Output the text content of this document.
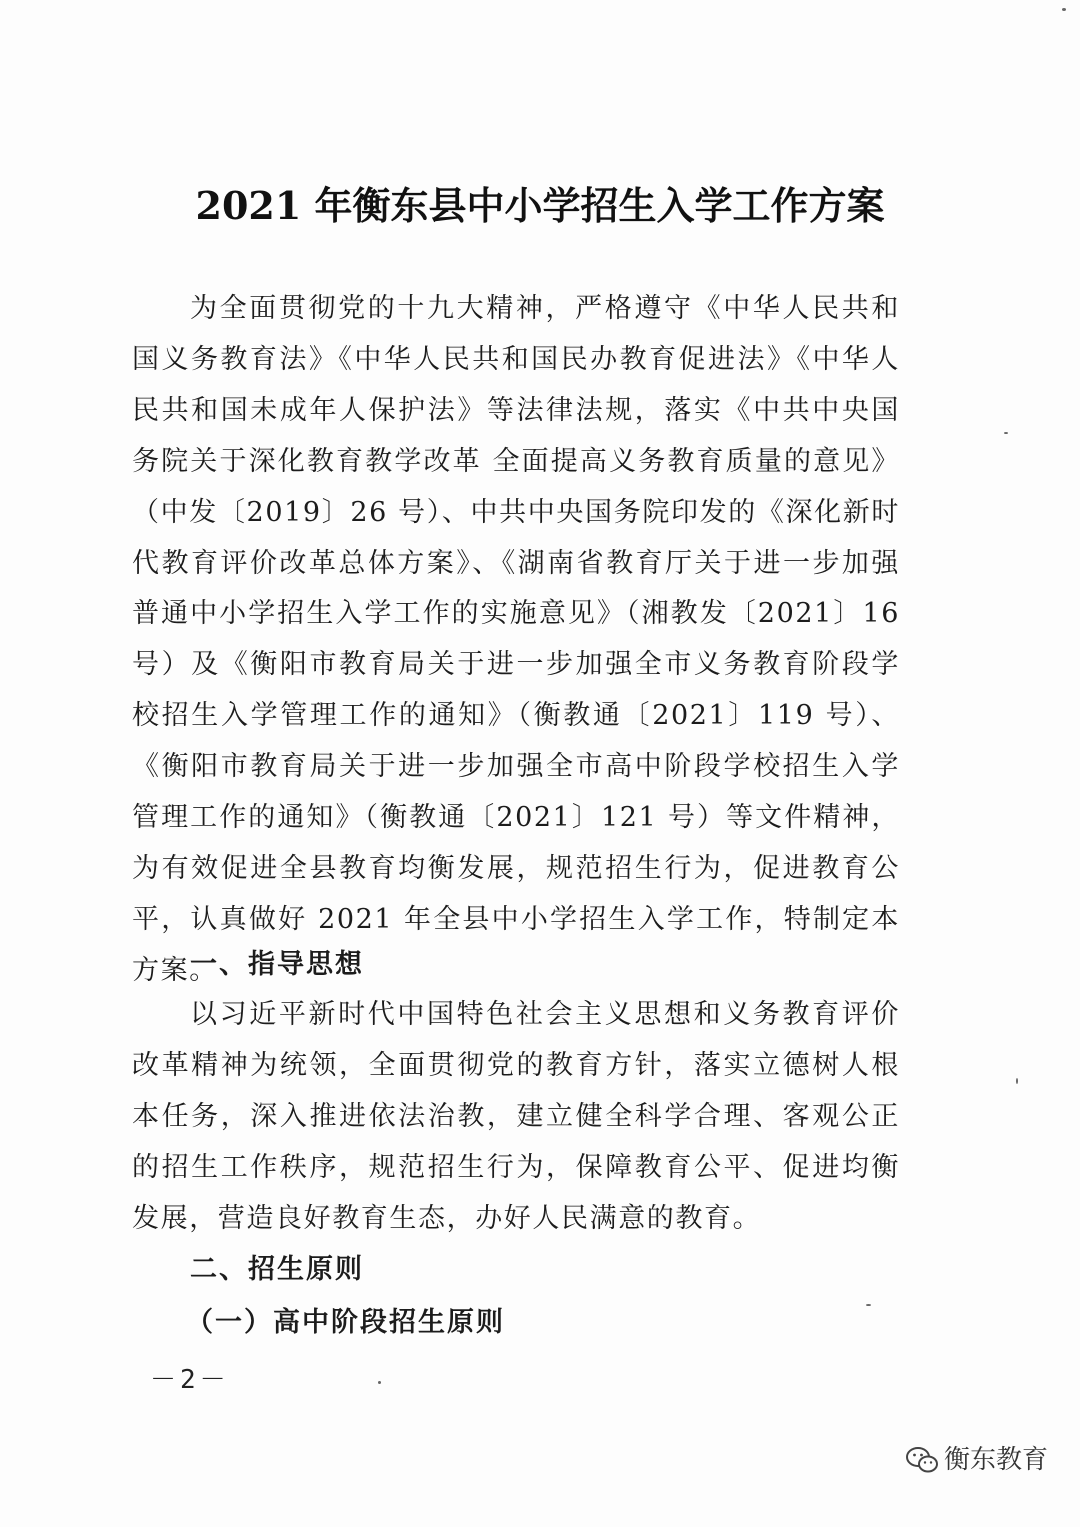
2021 年衡东县中小学招生入学工作方案

为全面贯彻党的十九大精神，严格遵守《中华人民共和国义务教育法》《中华人民共和国民办教育促进法》《中华人民共和国未成年人保护法》等法律法规，落实《中共中央国务院关于深化教育教学改革 全面提高义务教育质量的意见》（中发〔2019〕26 号）、中共中央国务院印发的《深化新时代教育评价改革总体方案》、《湖南省教育厅关于进一步加强普通中小学招生入学工作的实施意见》（湘教发〔2021〕16 号）及《衡阳市教育局关于进一步加强全市义务教育阶段学校招生入学管理工作的通知》（衡教通〔2021〕119 号）、《衡阳市教育局关于进一步加强全市高中阶段学校招生入学管理工作的通知》（衡教通〔2021〕121 号）等文件精神，为有效促进全县教育均衡发展，规范招生行为，促进教育公平，认真做好 2021 年全县中小学招生入学工作，特制定本方案。

一、指导思想

以习近平新时代中国特色社会主义思想和义务教育评价改革精神为统领，全面贯彻党的教育方针，落实立德树人根本任务，深入推进依法治教，建立健全科学合理、客观公正的招生工作秩序，规范招生行为，保障教育公平、促进均衡发展，营造良好教育生态，办好人民满意的教育。

二、招生原则
（一）高中阶段招生原则
－2－
衡东教育
